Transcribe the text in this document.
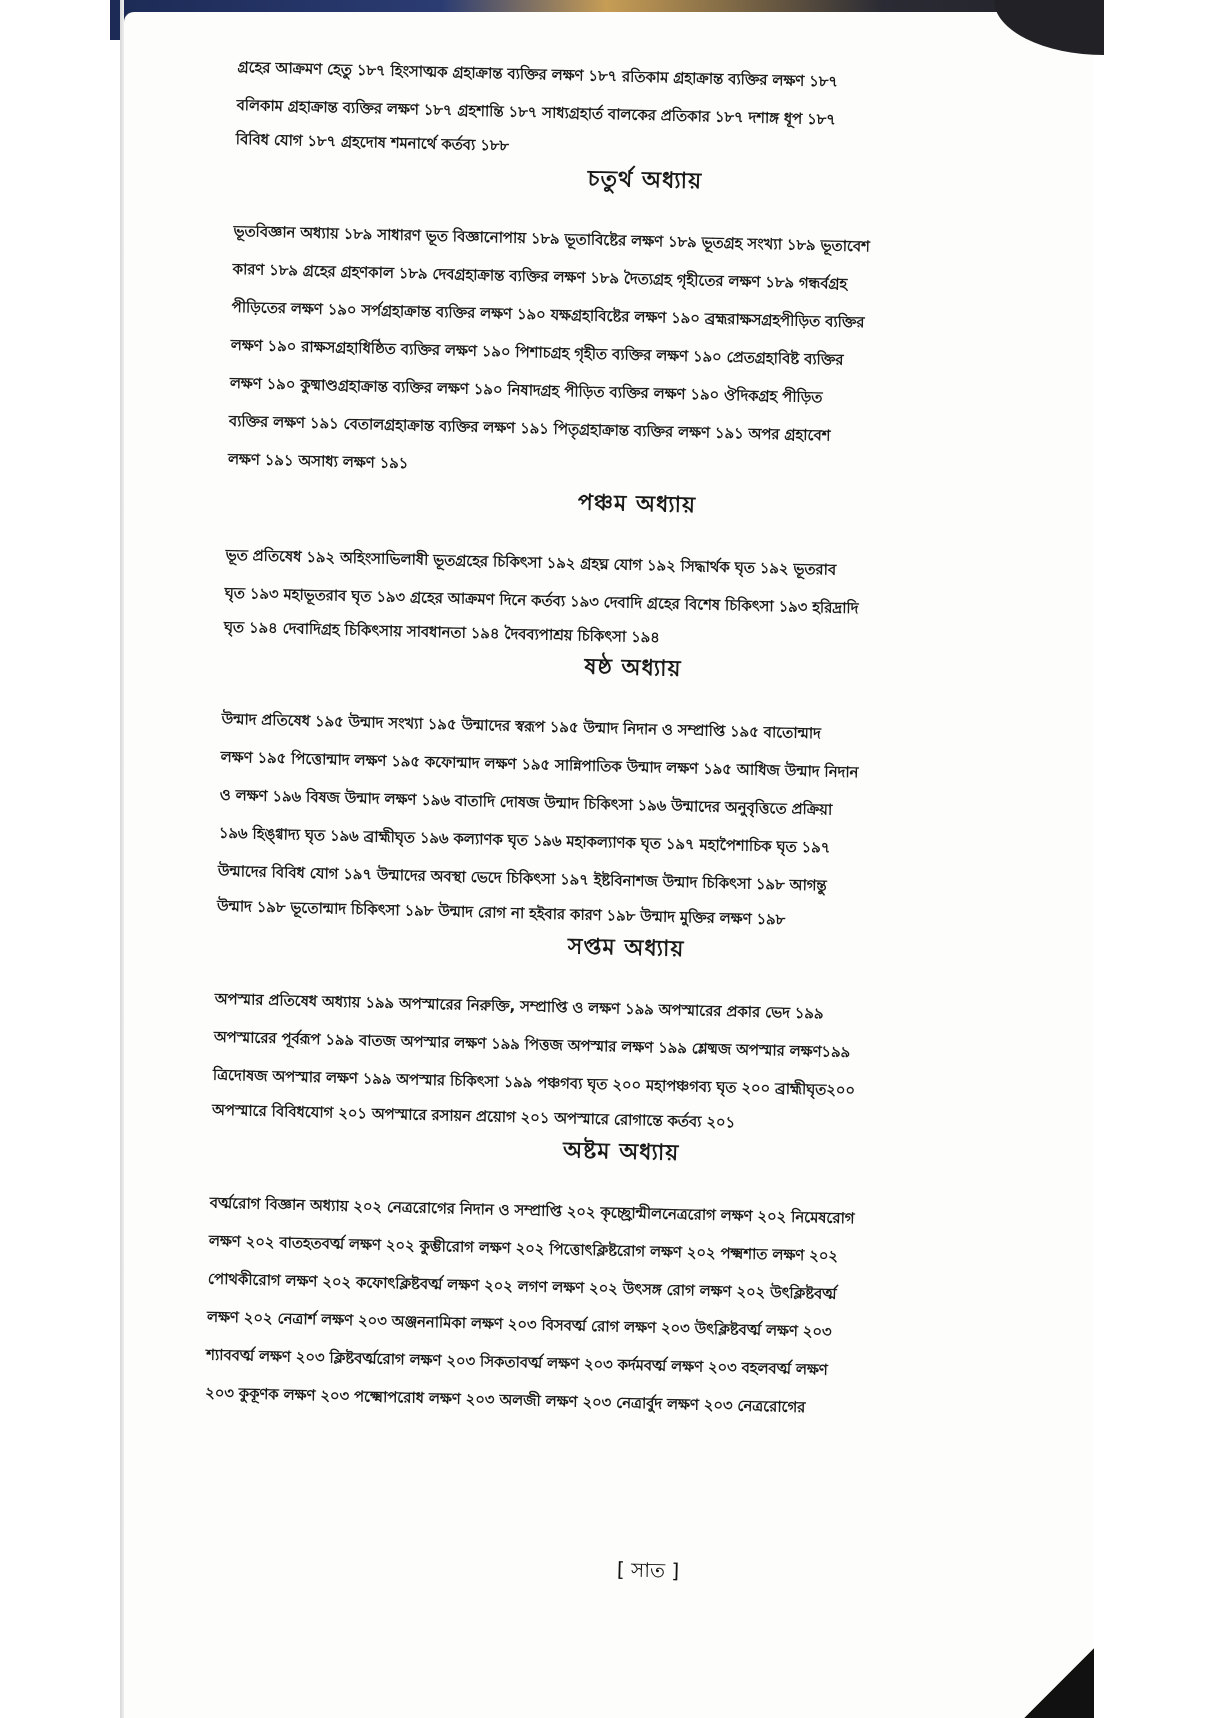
গ্রহের আক্রমণ হেতু ১৮৭ হিংসাত্মক গ্রহাক্রান্ত ব্যক্তির লক্ষণ ১৮৭ রতিকাম গ্রহাক্রান্ত ব্যক্তির লক্ষণ ১৮৭
বলিকাম গ্রহাক্রান্ত ব্যক্তির লক্ষণ ১৮৭ গ্রহশান্তি ১৮৭ সাধ্যগ্রহার্ত বালকের প্রতিকার ১৮৭ দশাঙ্গ ধূপ ১৮৭
বিবিধ যোগ ১৮৭ গ্রহদোষ শমনার্থে কর্তব্য ১৮৮
চতুর্থ অধ্যায়
ভূতবিজ্ঞান অধ্যায় ১৮৯ সাধারণ ভূত বিজ্ঞানোপায় ১৮৯ ভূতাবিষ্টের লক্ষণ ১৮৯ ভূতগ্রহ সংখ্যা ১৮৯ ভূতাবেশ
কারণ ১৮৯ গ্রহের গ্রহণকাল ১৮৯ দেবগ্রহাক্রান্ত ব্যক্তির লক্ষণ ১৮৯ দৈত্যগ্রহ গৃহীতের লক্ষণ ১৮৯ গন্ধর্বগ্রহ
পীড়িতের লক্ষণ ১৯০ সর্পগ্রহাক্রান্ত ব্যক্তির লক্ষণ ১৯০ যক্ষগ্রহাবিষ্টের লক্ষণ ১৯০ ব্রহ্মরাক্ষসগ্রহপীড়িত ব্যক্তির
লক্ষণ ১৯০ রাক্ষসগ্রহাধিষ্ঠিত ব্যক্তির লক্ষণ ১৯০ পিশাচগ্রহ গৃহীত ব্যক্তির লক্ষণ ১৯০ প্রেতগ্রহাবিষ্ট ব্যক্তির
লক্ষণ ১৯০ কুষ্মাণ্ডগ্রহাক্রান্ত ব্যক্তির লক্ষণ ১৯০ নিষাদগ্রহ পীড়িত ব্যক্তির লক্ষণ ১৯০ ঔদিকগ্রহ পীড়িত
ব্যক্তির লক্ষণ ১৯১ বেতালগ্রহাক্রান্ত ব্যক্তির লক্ষণ ১৯১ পিতৃগ্রহাক্রান্ত ব্যক্তির লক্ষণ ১৯১ অপর গ্রহাবেশ
লক্ষণ ১৯১ অসাধ্য লক্ষণ ১৯১
পঞ্চম অধ্যায়
ভূত প্রতিষেধ ১৯২ অহিংসাভিলাষী ভূতগ্রহের চিকিৎসা ১৯২ গ্রহঘ্ন যোগ ১৯২ সিদ্ধার্থক ঘৃত ১৯২ ভূতরাব
ঘৃত ১৯৩ মহাভূতরাব ঘৃত ১৯৩ গ্রহের আক্রমণ দিনে কর্তব্য ১৯৩ দেবাদি গ্রহের বিশেষ চিকিৎসা ১৯৩ হরিদ্রাদি
ঘৃত ১৯৪ দেবাদিগ্রহ চিকিৎসায় সাবধানতা ১৯৪ দৈবব্যপাশ্রয় চিকিৎসা ১৯৪
ষষ্ঠ অধ্যায়
উন্মাদ প্রতিষেধ ১৯৫ উন্মাদ সংখ্যা ১৯৫ উন্মাদের স্বরূপ ১৯৫ উন্মাদ নিদান ও সম্প্রাপ্তি ১৯৫ বাতোন্মাদ
লক্ষণ ১৯৫ পিত্তোন্মাদ লক্ষণ ১৯৫ কফোন্মাদ লক্ষণ ১৯৫ সান্নিপাতিক উন্মাদ লক্ষণ ১৯৫ আধিজ উন্মাদ নিদান
ও লক্ষণ ১৯৬ বিষজ উন্মাদ লক্ষণ ১৯৬ বাতাদি দোষজ উন্মাদ চিকিৎসা ১৯৬ উন্মাদের অনুবৃত্তিতে প্রক্রিয়া
১৯৬ হিঙ্গ্বাদ্য ঘৃত ১৯৬ ব্রাহ্মীঘৃত ১৯৬ কল্যাণক ঘৃত ১৯৬ মহাকল্যাণক ঘৃত ১৯৭ মহাপৈশাচিক ঘৃত ১৯৭
উন্মাদের বিবিধ যোগ ১৯৭ উন্মাদের অবস্থা ভেদে চিকিৎসা ১৯৭ ইষ্টবিনাশজ উন্মাদ চিকিৎসা ১৯৮ আগন্তু
উন্মাদ ১৯৮ ভূতোন্মাদ চিকিৎসা ১৯৮ উন্মাদ রোগ না হইবার কারণ ১৯৮ উন্মাদ মুক্তির লক্ষণ ১৯৮
সপ্তম অধ্যায়
অপস্মার প্রতিষেধ অধ্যায় ১৯৯ অপস্মারের নিরুক্তি, সম্প্রাপ্তি ও লক্ষণ ১৯৯ অপস্মারের প্রকার ভেদ ১৯৯
অপস্মারের পূর্বরূপ ১৯৯ বাতজ অপস্মার লক্ষণ ১৯৯ পিত্তজ অপস্মার লক্ষণ ১৯৯ শ্লেষ্মজ অপস্মার লক্ষণ১৯৯
ত্রিদোষজ অপস্মার লক্ষণ ১৯৯ অপস্মার চিকিৎসা ১৯৯ পঞ্চগব্য ঘৃত ২০০ মহাপঞ্চগব্য ঘৃত ২০০ ব্রাহ্মীঘৃত২০০
অপস্মারে বিবিধযোগ ২০১ অপস্মারে রসায়ন প্রয়োগ ২০১ অপস্মারে রোগান্তে কর্তব্য ২০১
অষ্টম অধ্যায়
বর্ত্মরোগ বিজ্ঞান অধ্যায় ২০২ নেত্ররোগের নিদান ও সম্প্রাপ্তি ২০২ কৃচ্ছ্রোন্মীলনেত্ররোগ লক্ষণ ২০২ নিমেষরোগ
লক্ষণ ২০২ বাতহতবর্ত্ম লক্ষণ ২০২ কুম্ভীরোগ লক্ষণ ২০২ পিত্তোৎক্লিষ্টরোগ লক্ষণ ২০২ পক্ষ্মশাত লক্ষণ ২০২
পোথকীরোগ লক্ষণ ২০২ কফোৎক্লিষ্টবর্ত্ম লক্ষণ ২০২ লগণ লক্ষণ ২০২ উৎসঙ্গ রোগ লক্ষণ ২০২ উৎক্লিষ্টবর্ত্ম
লক্ষণ ২০২ নেত্রার্শ লক্ষণ ২০৩ অঞ্জননামিকা লক্ষণ ২০৩ বিসবর্ত্ম রোগ লক্ষণ ২০৩ উৎক্লিষ্টবর্ত্ম লক্ষণ ২০৩
শ্যাববর্ত্ম লক্ষণ ২০৩ ক্লিষ্টবর্ত্মরোগ লক্ষণ ২০৩ সিকতাবর্ত্ম লক্ষণ ২০৩ কর্দমবর্ত্ম লক্ষণ ২০৩ বহলবর্ত্ম লক্ষণ
২০৩ কুকূণক লক্ষণ ২০৩ পক্ষ্মোপরোধ লক্ষণ ২০৩ অলজী লক্ষণ ২০৩ নেত্রার্বুদ লক্ষণ ২০৩ নেত্ররোগের
[ সাত ]
